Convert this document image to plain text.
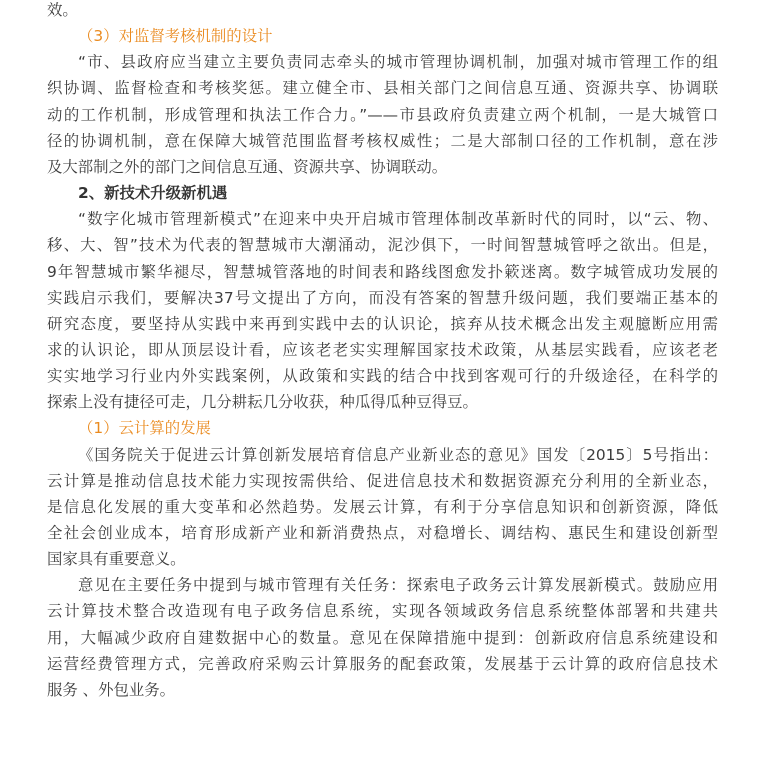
效。
（3）对监督考核机制的设计
“市、县政府应当建立主要负责同志牵头的城市管理协调机制，加强对城市管理工作的组
织协调、监督检查和考核奖惩。建立健全市、县相关部门之间信息互通、资源共享、协调联
动的工作机制，形成管理和执法工作合力。”——市县政府负责建立两个机制，一是大城管口
径的协调机制，意在保障大城管范围监督考核权威性；二是大部制口径的工作机制，意在涉
及大部制之外的部门之间信息互通、资源共享、协调联动。
2、新技术升级新机遇
“数字化城市管理新模式”在迎来中央开启城市管理体制改革新时代的同时，以“云、物、
移、大、智”技术为代表的智慧城市大潮涌动，泥沙俱下，一时间智慧城管呼之欲出。但是，
9年智慧城市繁华褪尽，智慧城管落地的时间表和路线图愈发扑簌迷离。数字城管成功发展的
实践启示我们，要解决37号文提出了方向，而没有答案的智慧升级问题，我们要端正基本的
研究态度，要坚持从实践中来再到实践中去的认识论，摈弃从技术概念出发主观臆断应用需
求的认识论，即从顶层设计看，应该老老实实理解国家技术政策，从基层实践看，应该老老
实实地学习行业内外实践案例，从政策和实践的结合中找到客观可行的升级途径，在科学的
探索上没有捷径可走，几分耕耘几分收获，种瓜得瓜种豆得豆。
（1）云计算的发展
《国务院关于促进云计算创新发展培育信息产业新业态的意见》国发〔2015〕5号指出：
云计算是推动信息技术能力实现按需供给、促进信息技术和数据资源充分利用的全新业态，
是信息化发展的重大变革和必然趋势。发展云计算，有利于分享信息知识和创新资源，降低
全社会创业成本，培育形成新产业和新消费热点，对稳增长、调结构、惠民生和建设创新型
国家具有重要意义。
意见在主要任务中提到与城市管理有关任务：探索电子政务云计算发展新模式。鼓励应用
云计算技术整合改造现有电子政务信息系统，实现各领域政务信息系统整体部署和共建共
用，大幅减少政府自建数据中心的数量。意见在保障措施中提到：创新政府信息系统建设和
运营经费管理方式，完善政府采购云计算服务的配套政策，发展基于云计算的政府信息技术
服务 、外包业务。
